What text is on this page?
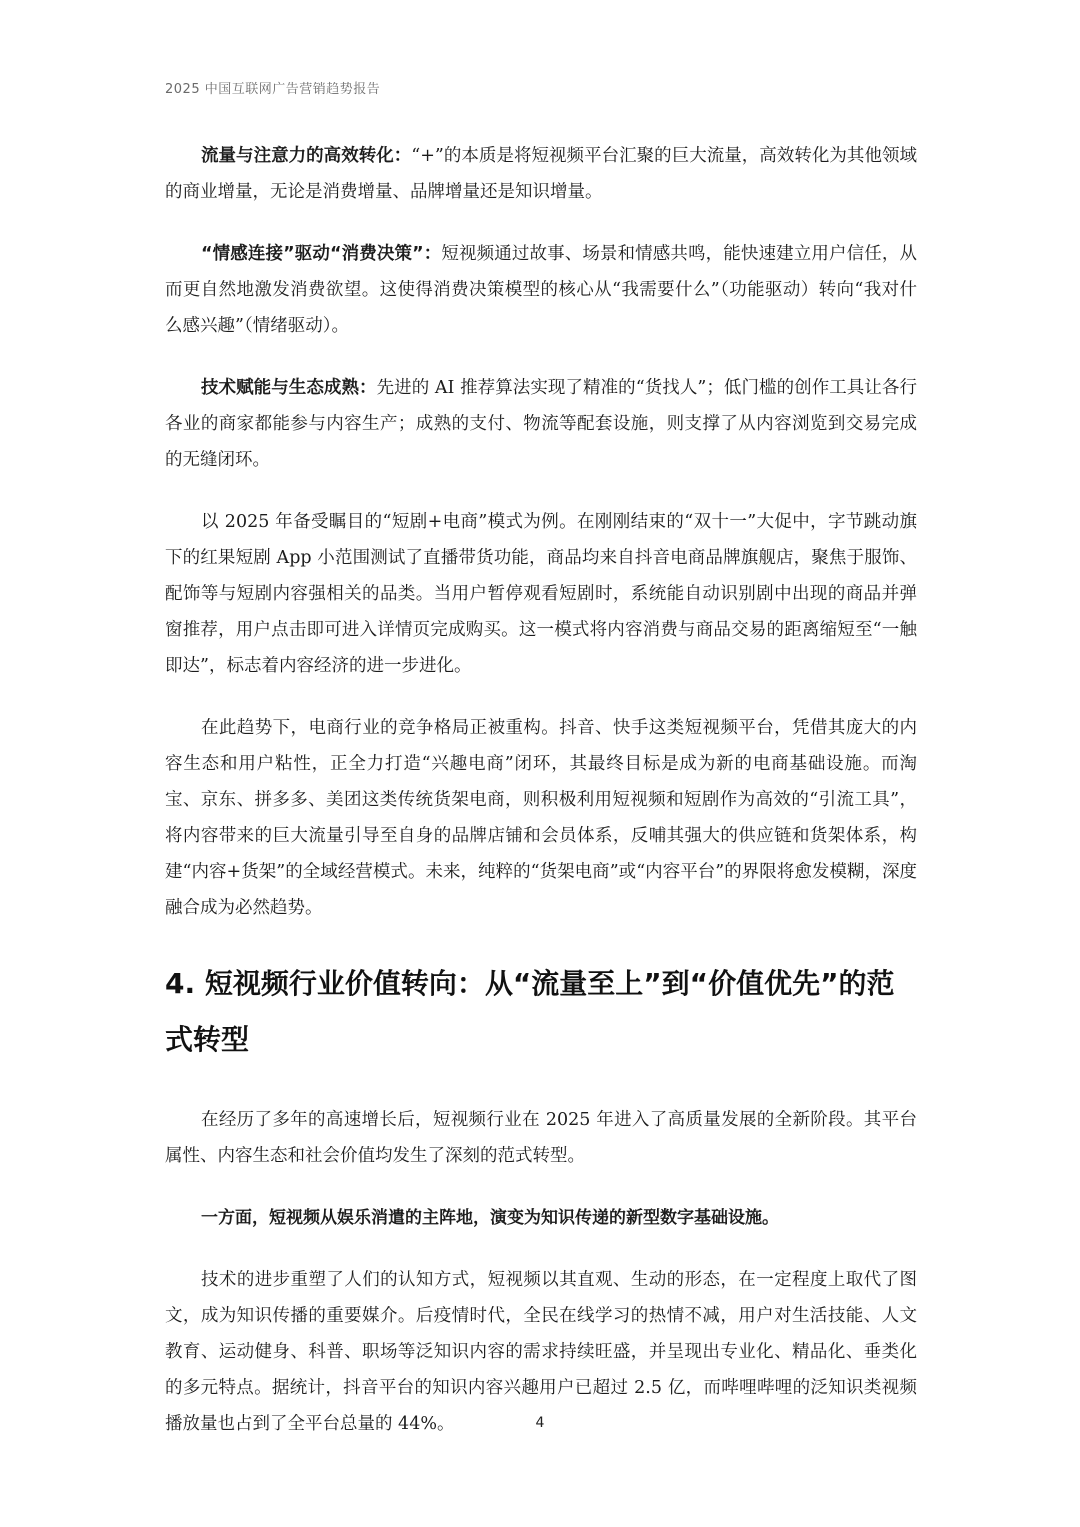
2025 中国互联网广告营销趋势报告

流量与注意力的高效转化：“+”的本质是将短视频平台汇聚的巨大流量，高效转化为其他领域的商业增量，无论是消费增量、品牌增量还是知识增量。

“情感连接”驱动“消费决策”：短视频通过故事、场景和情感共鸣，能快速建立用户信任，从而更自然地激发消费欲望。这使得消费决策模型的核心从“我需要什么”（功能驱动）转向“我对什么感兴趣”（情绪驱动）。

技术赋能与生态成熟：先进的 AI 推荐算法实现了精准的“货找人”；低门槛的创作工具让各行各业的商家都能参与内容生产；成熟的支付、物流等配套设施，则支撑了从内容浏览到交易完成的无缝闭环。

以 2025 年备受瞩目的“短剧+电商”模式为例。在刚刚结束的“双十一”大促中，字节跳动旗下的红果短剧 App 小范围测试了直播带货功能，商品均来自抖音电商品牌旗舰店，聚焦于服饰、配饰等与短剧内容强相关的品类。当用户暂停观看短剧时，系统能自动识别剧中出现的商品并弹窗推荐，用户点击即可进入详情页完成购买。这一模式将内容消费与商品交易的距离缩短至“一触即达”，标志着内容经济的进一步进化。

在此趋势下，电商行业的竞争格局正被重构。抖音、快手这类短视频平台，凭借其庞大的内容生态和用户粘性，正全力打造“兴趣电商”闭环，其最终目标是成为新的电商基础设施。而淘宝、京东、拼多多、美团这类传统货架电商，则积极利用短视频和短剧作为高效的“引流工具”，将内容带来的巨大流量引导至自身的品牌店铺和会员体系，反哺其强大的供应链和货架体系，构建“内容+货架”的全域经营模式。未来，纯粹的“货架电商”或“内容平台”的界限将愈发模糊，深度融合成为必然趋势。

4. 短视频行业价值转向：从“流量至上”到“价值优先”的范式转型

在经历了多年的高速增长后，短视频行业在 2025 年进入了高质量发展的全新阶段。其平台属性、内容生态和社会价值均发生了深刻的范式转型。

一方面，短视频从娱乐消遣的主阵地，演变为知识传递的新型数字基础设施。

技术的进步重塑了人们的认知方式，短视频以其直观、生动的形态，在一定程度上取代了图文，成为知识传播的重要媒介。后疫情时代，全民在线学习的热情不减，用户对生活技能、人文教育、运动健身、科普、职场等泛知识内容的需求持续旺盛，并呈现出专业化、精品化、垂类化的多元特点。据统计，抖音平台的知识内容兴趣用户已超过 2.5 亿，而哔哩哔哩的泛知识类视频播放量也占到了全平台总量的 44%。	4
